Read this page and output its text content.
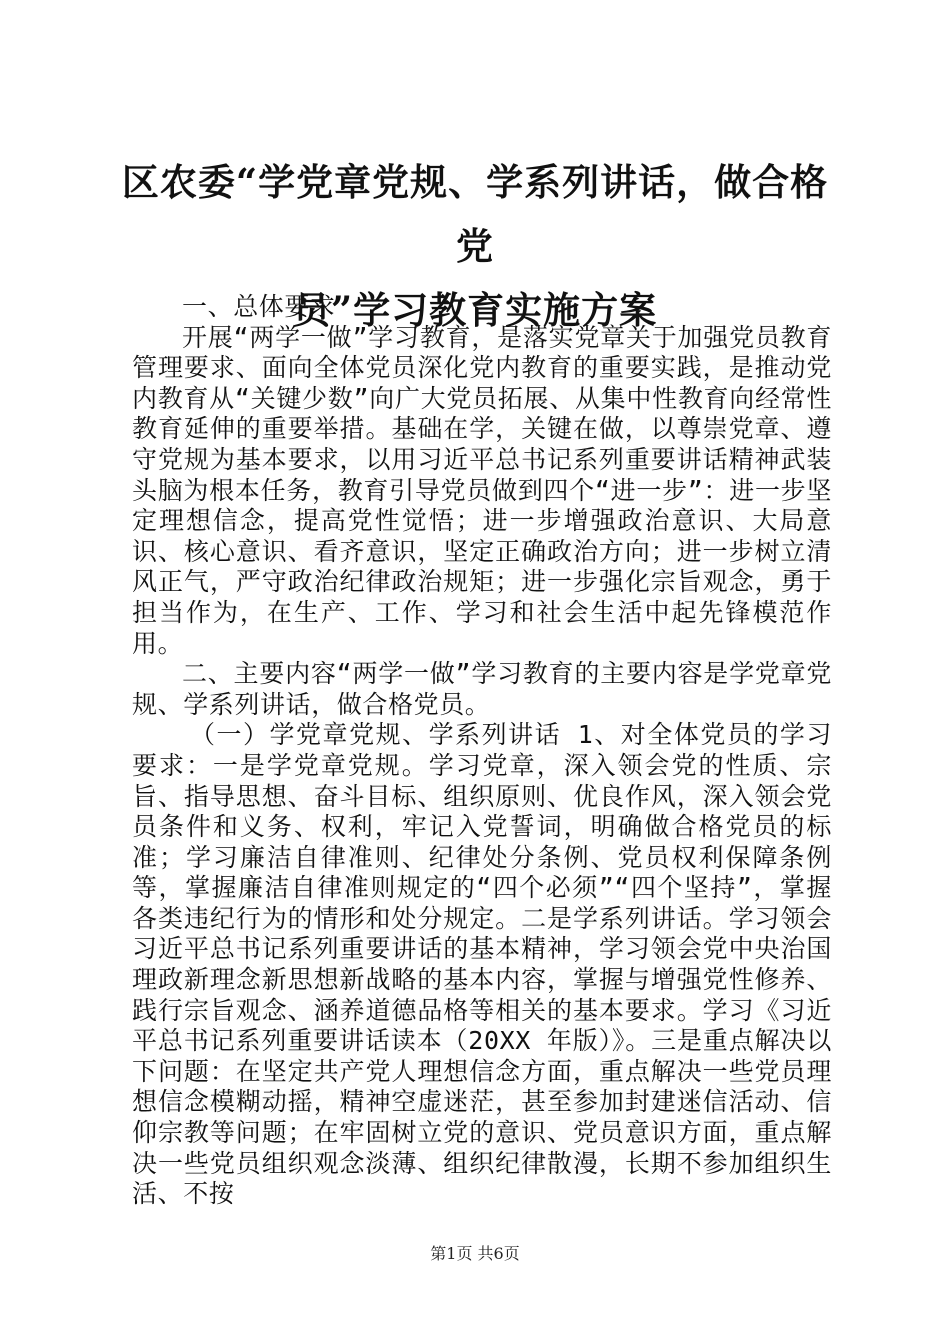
区农委“学党章党规、学系列讲话，做合格党
员”学习教育实施方案

一、总体要求

开展“两学一做”学习教育，是落实党章关于加强党员教育管理要求、面向全体党员深化党内教育的重要实践，是推动党内教育从“关键少数”向广大党员拓展、从集中性教育向经常性教育延伸的重要举措。基础在学，关键在做，以尊崇党章、遵守党规为基本要求，以用习近平总书记系列重要讲话精神武装头脑为根本任务，教育引导党员做到四个“进一步”：进一步坚定理想信念，提高党性觉悟；进一步增强政治意识、大局意识、核心意识、看齐意识，坚定正确政治方向；进一步树立清风正气，严守政治纪律政治规矩；进一步强化宗旨观念，勇于担当作为，在生产、工作、学习和社会生活中起先锋模范作用。

二、主要内容“两学一做”学习教育的主要内容是学党章党规、学系列讲话，做合格党员。

（一）学党章党规、学系列讲话 1、对全体党员的学习要求：一是学党章党规。学习党章，深入领会党的性质、宗旨、指导思想、奋斗目标、组织原则、优良作风，深入领会党员条件和义务、权利，牢记入党誓词，明确做合格党员的标准；学习廉洁自律准则、纪律处分条例、党员权利保障条例等，掌握廉洁自律准则规定的“四个必须”“四个坚持”，掌握各类违纪行为的情形和处分规定。二是学系列讲话。学习领会习近平总书记系列重要讲话的基本精神，学习领会党中央治国理政新理念新思想新战略的基本内容，掌握与增强党性修养、践行宗旨观念、涵养道德品格等相关的基本要求。学习《习近平总书记系列重要讲话读本（20XX 年版）》。三是重点解决以下问题：在坚定共产党人理想信念方面，重点解决一些党员理想信念模糊动摇，精神空虚迷茫，甚至参加封建迷信活动、信仰宗教等问题；在牢固树立党的意识、党员意识方面，重点解决一些党员组织观念淡薄、组织纪律散漫，长期不参加组织生活、不按

第1页 共6页
